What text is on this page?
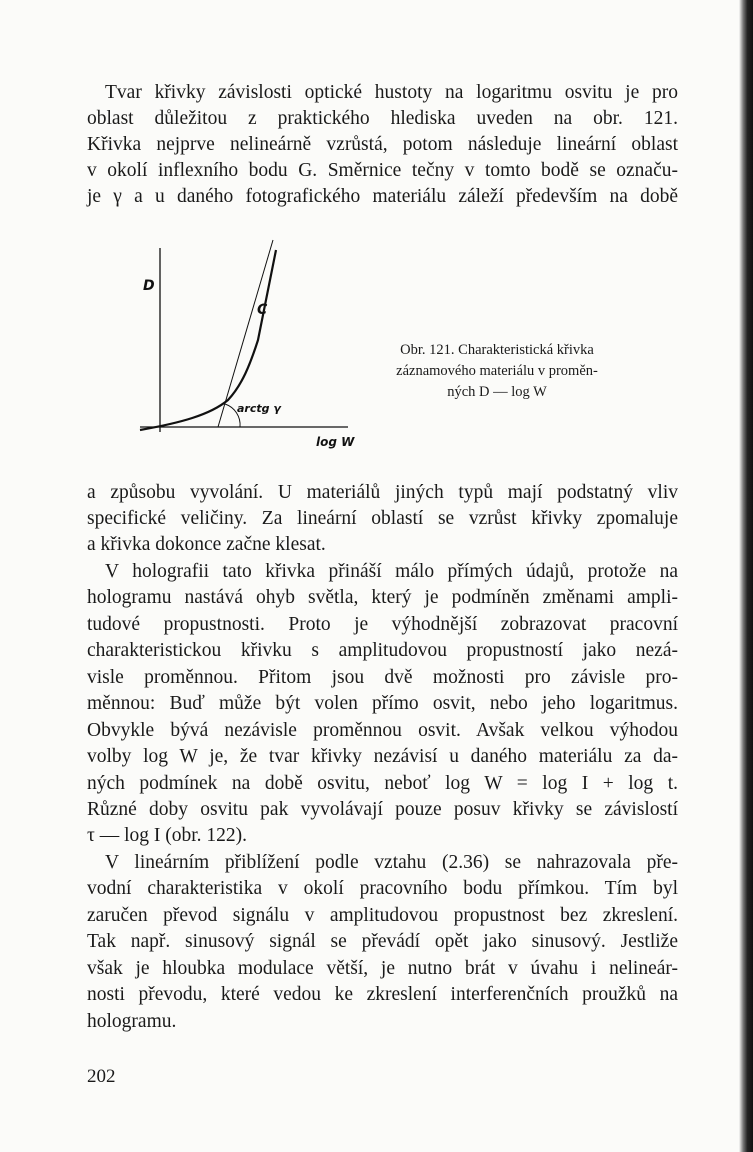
Tvar křivky závislosti optické hustoty na logaritmu osvitu je pro
oblast důležitou z praktického hlediska uveden na obr. 121.
Křivka nejprve nelineárně vzrůstá, potom následuje lineární oblast
v okolí inflexního bodu G. Směrnice tečny v tomto bodě se označu-
je γ a u daného fotografického materiálu záleží především na době
D
C
arctg γ
log W
Obr. 121. Charakteristická křivka
záznamového materiálu v proměn-
ných D — log W
a způsobu vyvolání. U materiálů jiných typů mají podstatný vliv
specifické veličiny. Za lineární oblastí se vzrůst křivky zpomaluje
a křivka dokonce začne klesat.
V holografii tato křivka přináší málo přímých údajů, protože na
hologramu nastává ohyb světla, který je podmíněn změnami ampli-
tudové propustnosti. Proto je výhodnější zobrazovat pracovní
charakteristickou křivku s amplitudovou propustností jako nezá-
visle proměnnou. Přitom jsou dvě možnosti pro závisle pro-
měnnou: Buď může být volen přímo osvit, nebo jeho logaritmus.
Obvykle bývá nezávisle proměnnou osvit. Avšak velkou výhodou
volby log W je, že tvar křivky nezávisí u daného materiálu za da-
ných podmínek na době osvitu, neboť log W = log I + log t.
Různé doby osvitu pak vyvolávají pouze posuv křivky se závislostí
τ — log I (obr. 122).
V lineárním přiblížení podle vztahu (2.36) se nahrazovala pře-
vodní charakteristika v okolí pracovního bodu přímkou. Tím byl
zaručen převod signálu v amplitudovou propustnost bez zkreslení.
Tak např. sinusový signál se převádí opět jako sinusový. Jestliže
však je hloubka modulace větší, je nutno brát v úvahu i nelineár-
nosti převodu, které vedou ke zkreslení interferenčních proužků na
hologramu.
202
